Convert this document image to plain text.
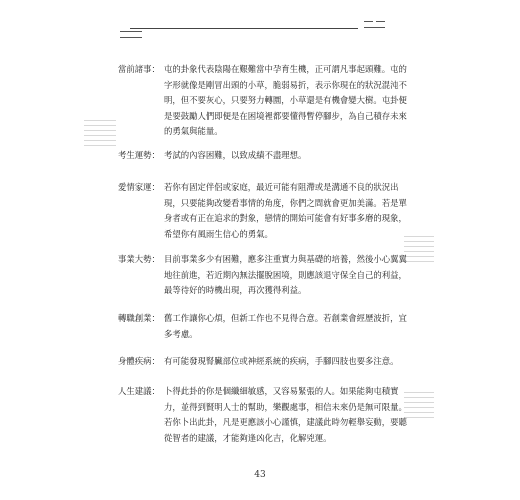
當前諸事： 屯的卦象代表陰陽在艱難當中孕育生機，正可謂凡事起頭難。屯的字形就像是剛冒出頭的小草，脆弱易折，表示你現在的狀況混沌不明，但不要灰心，只要努力轉圜，小草還是有機會變大樹。屯卦便是要鼓勵人們即便是在困境裡都要懂得暫停腳步，為自己積存未來的勇氣與能量。
考生運勢： 考試的內容困難，以致成績不盡理想。
愛情家運： 若你有固定伴侶或家庭，最近可能有阻滯或是溝通不良的狀況出現，只要能夠改變看事情的角度，你們之間就會更加美滿。若是單身者或有正在追求的對象，戀情的開始可能會有好事多磨的現象，希望你有風雨生信心的勇氣。
事業大勢： 目前事業多少有困難，應多注重實力與基礎的培養，然後小心翼翼地往前進，若近期內無法擺脫困境，則應該退守保全自己的利益，最等待好的時機出現，再次獲得利益。
轉職創業： 舊工作讓你心煩，但新工作也不見得合意。若創業會經歷波折，宜多考慮。
身體疾病： 有可能發現腎臟部位或神經系統的疾病，手腳四肢也要多注意。
人生建議： 卜得此卦的你是個纖細敏感，又容易緊張的人。如果能夠屯積實力，並得到賢明人士的幫助，樂觀處事，相信未來仍是無可限量。若你卜出此卦，凡是更應該小心謹慎，建議此時勿輕舉妄動，要聽從智者的建議，才能夠逢凶化吉，化解兇運。
43
